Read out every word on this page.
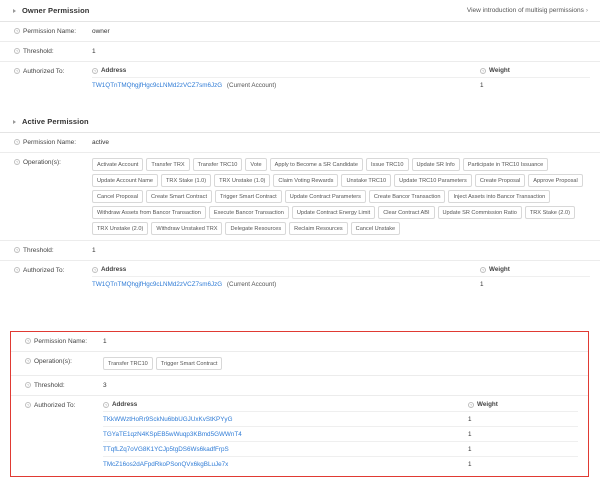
Owner Permission	View introduction of multisig permissions ›
? Permission Name:	owner
? Threshold:	1
? Authorized To:	? Address	? Weight
TW1QTnTMQhgjfHgc9cLNMd2zVCZ7sm6JzG (Current Account)	1
Active Permission
? Permission Name:	active
? Operation(s):	Activate Account	Transfer TRX	Transfer TRC10	Vote	Apply to Become a SR Candidate	Issue TRC10	Update SR Info	Participate in TRC10 Issuance
Update Account Name	TRX Stake (1.0)	TRX Unstake (1.0)	Claim Voting Rewards	Unstake TRC10	Update TRC10 Parameters	Create Proposal	Approve Proposal
Cancel Proposal	Create Smart Contract	Trigger Smart Contract	Update Contract Parameters	Create Bancor Transaction	Inject Assets into Bancor Transaction
Withdraw Assets from Bancor Transaction	Execute Bancor Transaction	Update Contract Energy Limit	Clear Contract ABI	Update SR Commission Ratio	TRX Stake (2.0)
TRX Unstake (2.0)	Withdraw Unstaked TRX	Delegate Resources	Reclaim Resources	Cancel Unstake
? Threshold:	1
? Authorized To:	? Address	? Weight
TW1QTnTMQhgjfHgc9cLNMd2zVCZ7sm6JzG (Current Account)	1
? Permission Name:	1
? Operation(s):	Transfer TRC10	Trigger Smart Contract
? Threshold:	3
? Authorized To:	? Address	? Weight
TKkWWztHoRr9SckNu6bbUGJUxKvStKPYyG	1
TGYaTE1qzN4KSpEB5wWuqp3KBmd5GWWnT4	1
TTqfLZq7oVG8K1YCJp5tgDS6Ws6kadfFrpS	1
TMcZ16os2dAFpdRkoPSonQVx6kgBLuJe7x	1
